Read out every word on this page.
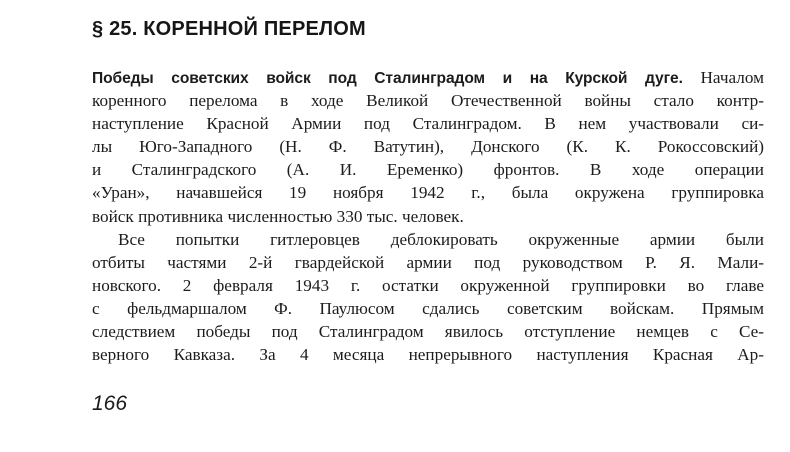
§ 25. КОРЕННОЙ ПЕРЕЛОМ
Победы советских войск под Сталинградом и на Курской дуге. Началом
коренного перелома в ходе Великой Отечественной войны стало контр-
наступление Красной Армии под Сталинградом. В нем участвовали си-
лы Юго-Западного (Н. Ф. Ватутин), Донского (К. К. Рокоссовский)
и Сталинградского (А. И. Еременко) фронтов. В ходе операции
«Уран», начавшейся 19 ноября 1942 г., была окружена группировка
войск противника численностью 330 тыс. человек.
Все попытки гитлеровцев деблокировать окруженные армии были
отбиты частями 2-й гвардейской армии под руководством Р. Я. Мали-
новского. 2 февраля 1943 г. остатки окруженной группировки во главе
с фельдмаршалом Ф. Паулюсом сдались советским войскам. Прямым
следствием победы под Сталинградом явилось отступление немцев с Се-
верного Кавказа. За 4 месяца непрерывного наступления Красная Ар-
166
